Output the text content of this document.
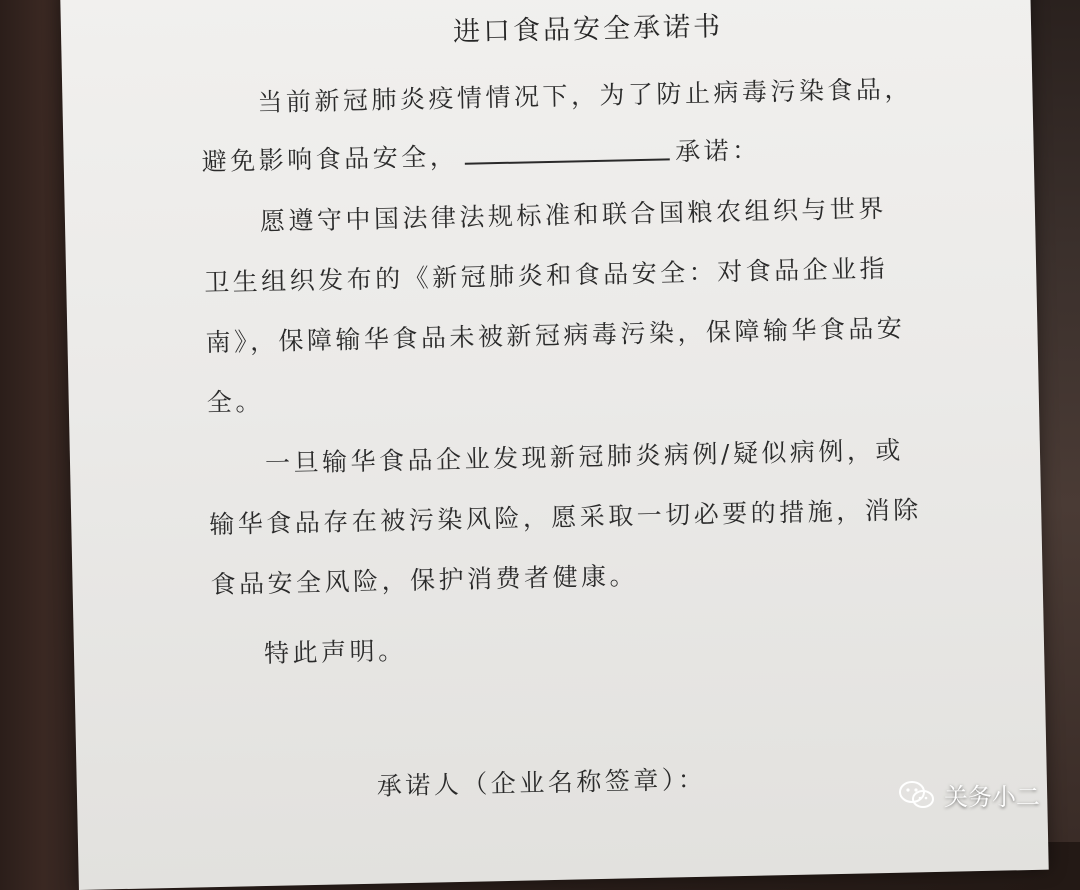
进口食品安全承诺书
当前新冠肺炎疫情情况下，为了防止病毒污染食品，
避免影响食品安全，	承诺：
愿遵守中国法律法规标准和联合国粮农组织与世界
卫生组织发布的《新冠肺炎和食品安全：对食品企业指
南》，保障输华食品未被新冠病毒污染，保障输华食品安
全。
一旦输华食品企业发现新冠肺炎病例/疑似病例，或
输华食品存在被污染风险，愿采取一切必要的措施，消除
食品安全风险，保护消费者健康。
特此声明。
承诺人（企业名称签章）：	关务小二
